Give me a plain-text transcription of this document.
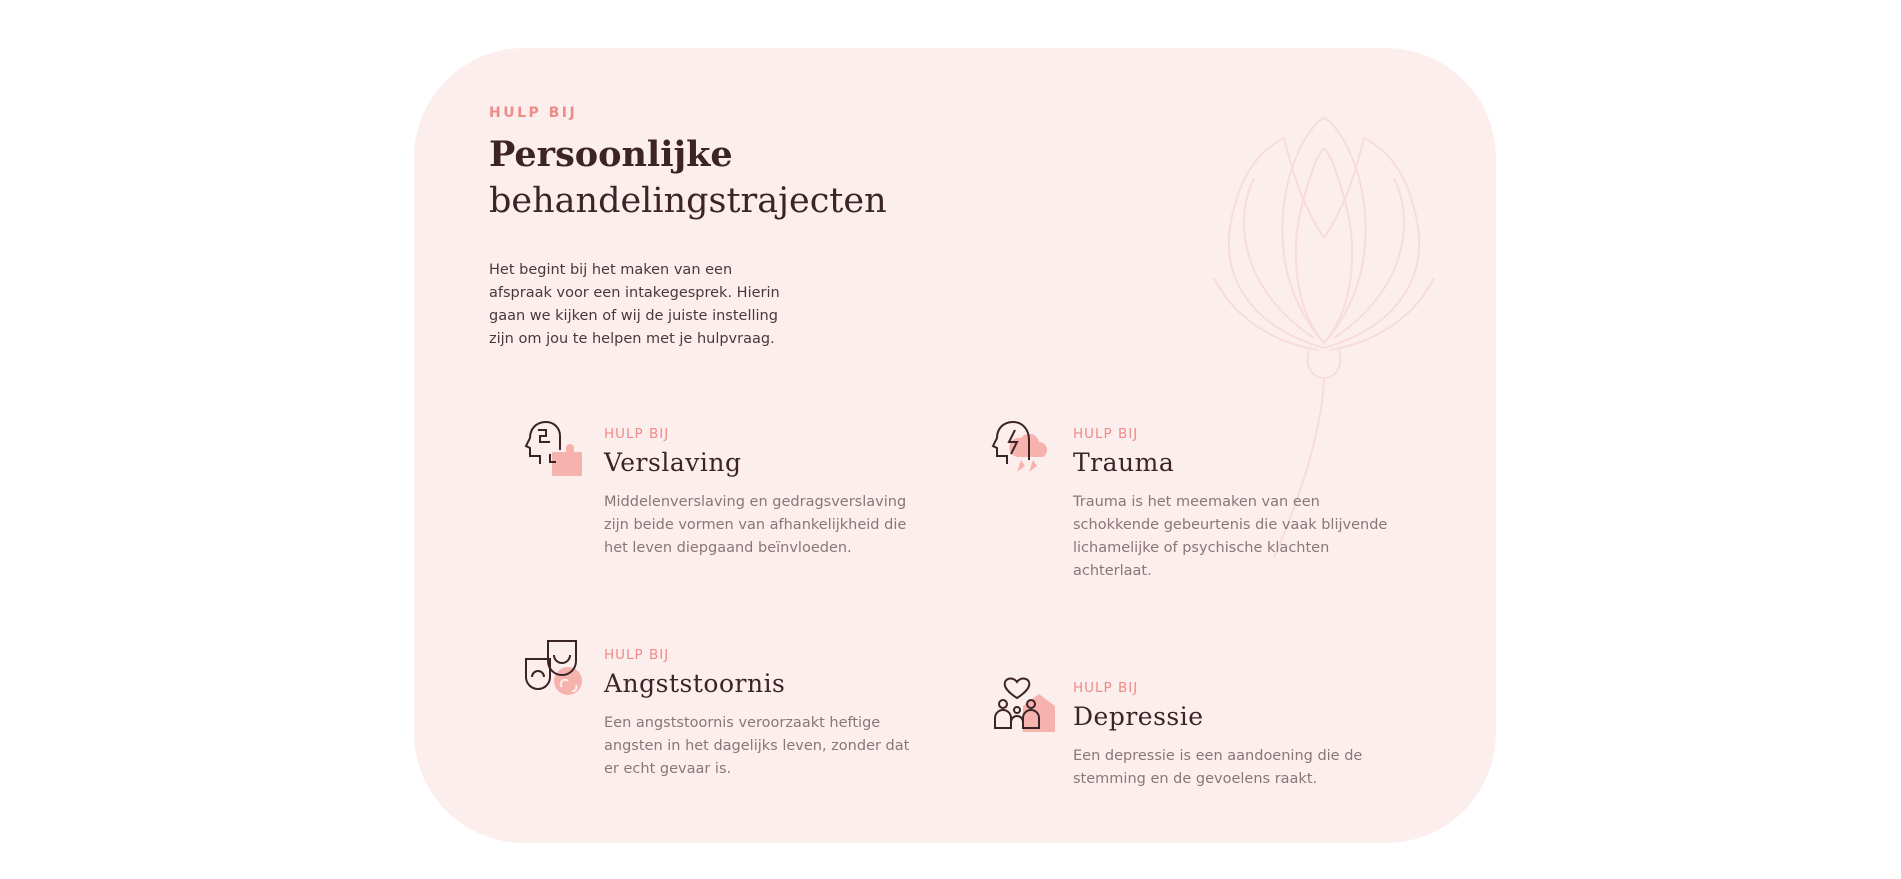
HULP BIJ
Persoonlijke
behandelingstrajecten
Het begint bij het maken van een afspraak voor een intakegesprek. Hierin gaan we kijken of wij de juiste instelling zijn om jou te helpen met je hulpvraag.
HULP BIJ
Verslaving
Middelenverslaving en gedragsverslaving zijn beide vormen van afhankelijkheid die het leven diepgaand beïnvloeden.
HULP BIJ
Trauma
Trauma is het meemaken van een schokkende gebeurtenis die vaak blijvende lichamelijke of psychische klachten achterlaat.
HULP BIJ
Angststoornis
Een angststoornis veroorzaakt heftige angsten in het dagelijks leven, zonder dat er echt gevaar is.
HULP BIJ
Depressie
Een depressie is een aandoening die de stemming en de gevoelens raakt.
